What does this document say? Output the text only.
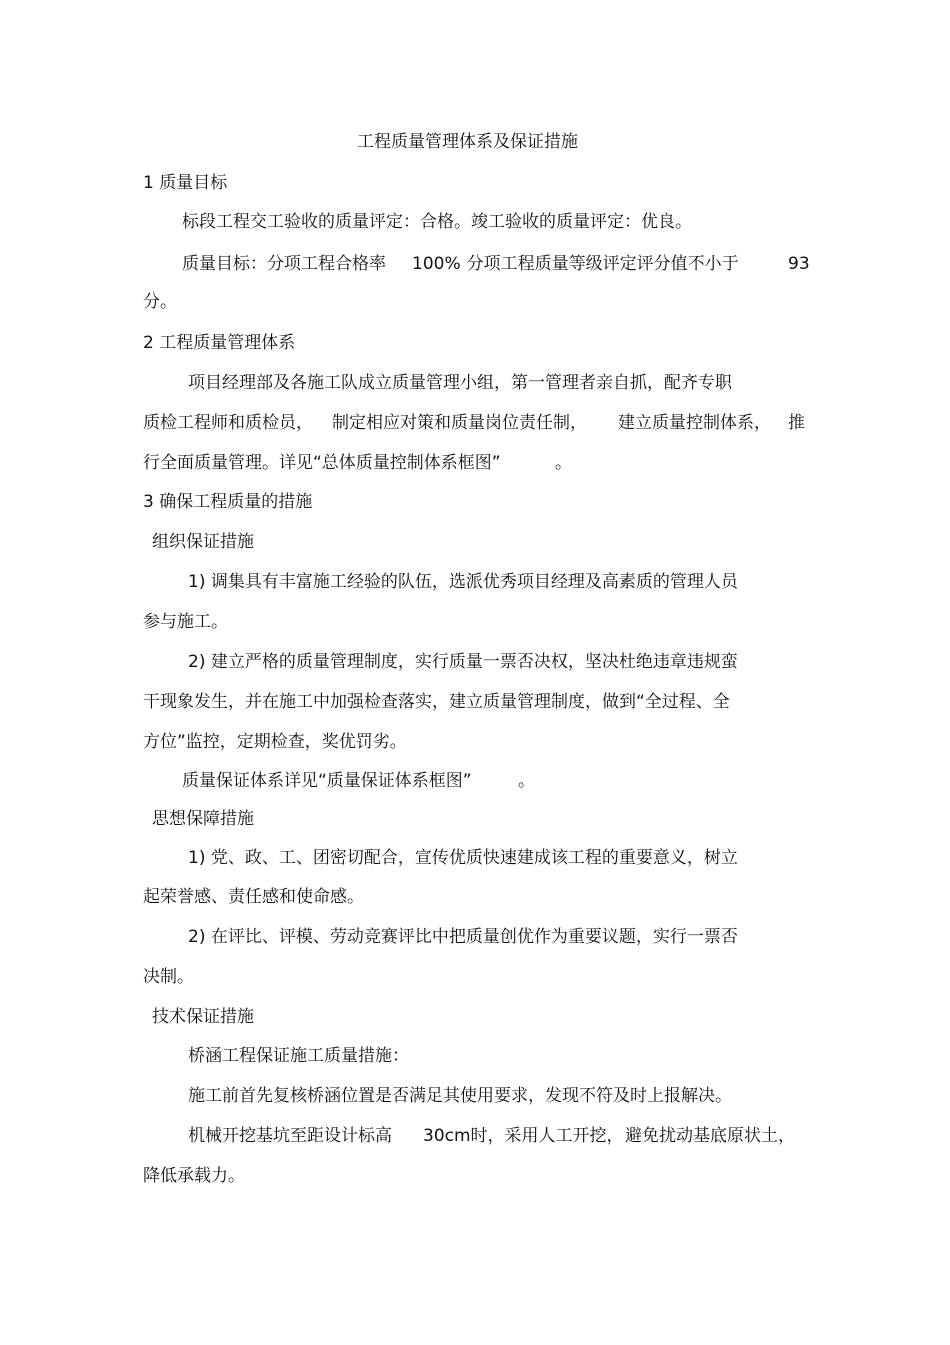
工程质量管理体系及保证措施
1 质量目标
标段工程交工验收的质量评定：合格。竣工验收的质量评定：优良。
质量目标：分项工程合格率 100% 分项工程质量等级评定评分值不小于	93
分。
2 工程质量管理体系
项目经理部及各施工队成立质量管理小组，第一管理者亲自抓，配齐专职
质检工程师和质检员， 制定相应对策和质量岗位责任制， 建立质量控制体系， 推
行全面质量管理。详见“总体质量控制体系框图”	。
3 确保工程质量的措施
组织保证措施
1) 调集具有丰富施工经验的队伍，选派优秀项目经理及高素质的管理人员
参与施工。
2) 建立严格的质量管理制度，实行质量一票否决权，坚决杜绝违章违规蛮
干现象发生，并在施工中加强检查落实，建立质量管理制度，做到“全过程、全
方位”监控，定期检查，奖优罚劣。
质量保证体系详见“质量保证体系框图”	。
思想保障措施
1) 党、政、工、团密切配合，宣传优质快速建成该工程的重要意义，树立
起荣誉感、责任感和使命感。
2) 在评比、评模、劳动竞赛评比中把质量创优作为重要议题，实行一票否
决制。
技术保证措施
桥涵工程保证施工质量措施：
施工前首先复核桥涵位置是否满足其使用要求，发现不符及时上报解决。
机械开挖基坑至距设计标高 30cm时，采用人工开挖， 避免扰动基底原状土，
降低承载力。
